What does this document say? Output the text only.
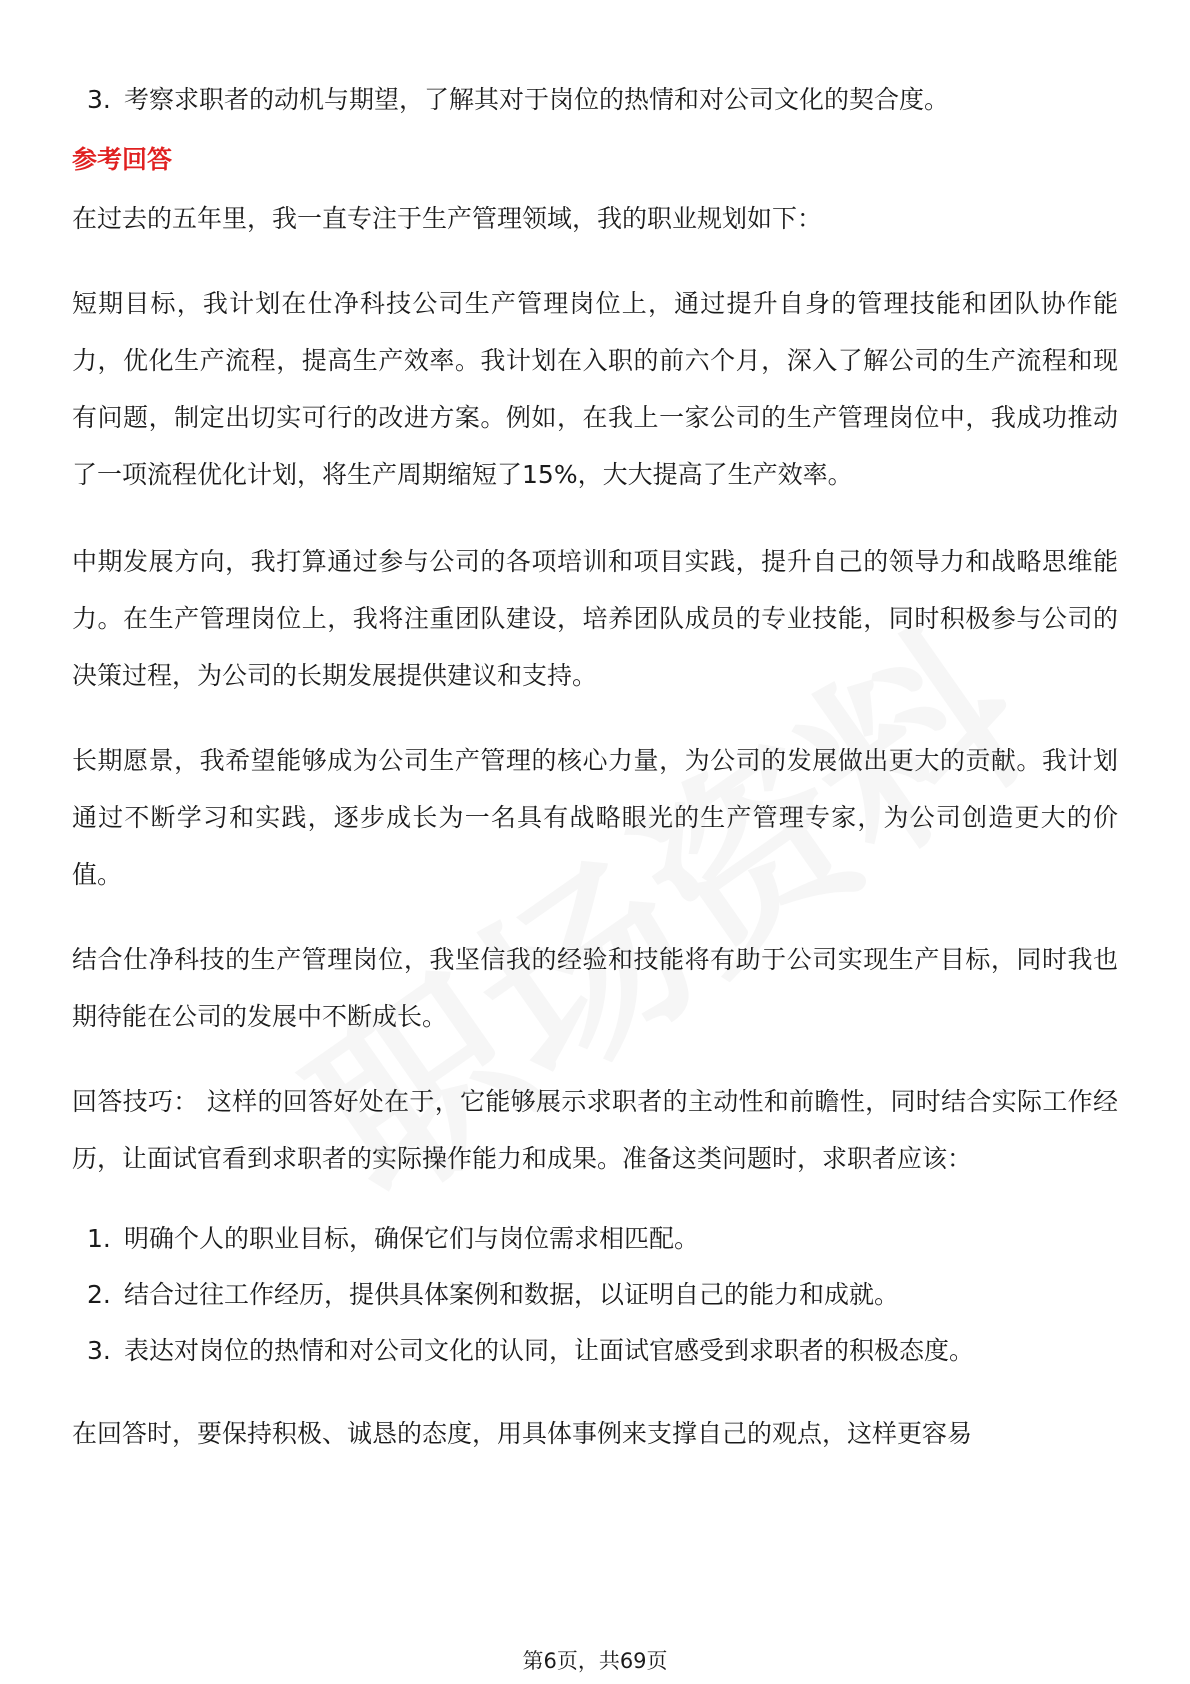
3. 考察求职者的动机与期望，了解其对于岗位的热情和对公司文化的契合度。
参考回答

在过去的五年里，我一直专注于生产管理领域，我的职业规划如下：

短期目标，我计划在仕净科技公司生产管理岗位上，通过提升自身的管理技能和团队协作能力，优化生产流程，提高生产效率。我计划在入职的前六个月，深入了解公司的生产流程和现有问题，制定出切实可行的改进方案。例如，在我上一家公司的生产管理岗位中，我成功推动了一项流程优化计划，将生产周期缩短了15%，大大提高了生产效率。

中期发展方向，我打算通过参与公司的各项培训和项目实践，提升自己的领导力和战略思维能力。在生产管理岗位上，我将注重团队建设，培养团队成员的专业技能，同时积极参与公司的决策过程，为公司的长期发展提供建议和支持。

长期愿景，我希望能够成为公司生产管理的核心力量，为公司的发展做出更大的贡献。我计划通过不断学习和实践，逐步成长为一名具有战略眼光的生产管理专家，为公司创造更大的价值。

结合仕净科技的生产管理岗位，我坚信我的经验和技能将有助于公司实现生产目标，同时我也期待能在公司的发展中不断成长。

回答技巧： 这样的回答好处在于，它能够展示求职者的主动性和前瞻性，同时结合实际工作经历，让面试官看到求职者的实际操作能力和成果。准备这类问题时，求职者应该：

1. 明确个人的职业目标，确保它们与岗位需求相匹配。
2. 结合过往工作经历，提供具体案例和数据，以证明自己的能力和成就。
3. 表达对岗位的热情和对公司文化的认同，让面试官感受到求职者的积极态度。

在回答时，要保持积极、诚恳的态度，用具体事例来支撑自己的观点，这样更容易

第6页，共69页
